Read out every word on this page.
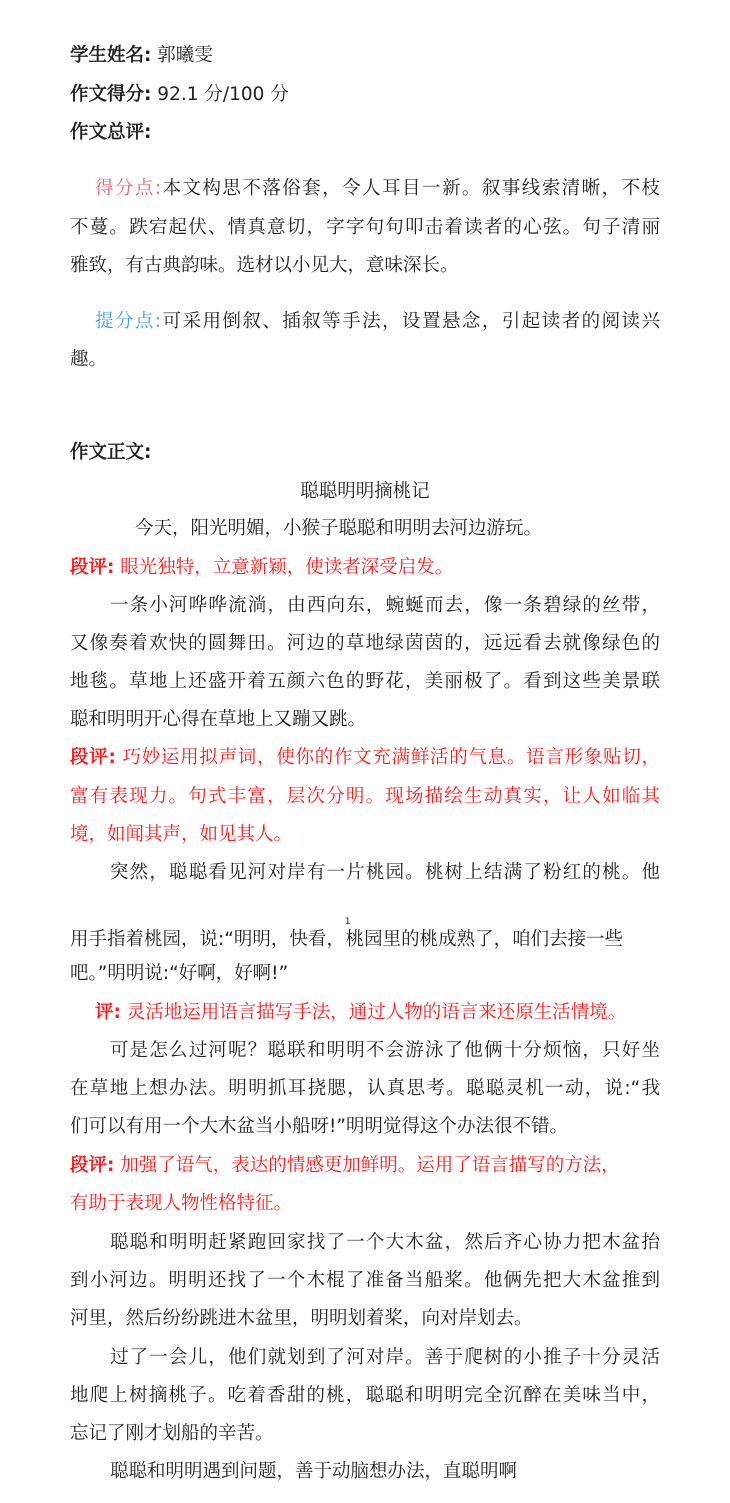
学生姓名: 郭曦雯
作文得分: 92.1 分/100 分
作文总评:
得分点:本文构思不落俗套，令人耳目一新。叙事线索清晰，不枝
不蔓。跌宕起伏、情真意切，字字句句叩击着读者的心弦。句子清丽
雅致，有古典韵味。选材以小见大，意味深长。
提分点:可采用倒叙、插叙等手法，设置悬念，引起读者的阅读兴
趣。
作文正文:
聪聪明明摘桃记
今天，阳光明媚，小猴子聪聪和明明去河边游玩。
段评: 眼光独特，立意新颖，使读者深受启发。
一条小河哗哗流淌，由西向东，蜿蜒而去，像一条碧绿的丝带，
又像奏着欢快的圆舞田。河边的草地绿茵茵的，远远看去就像绿色的
地毯。草地上还盛开着五颜六色的野花，美丽极了。看到这些美景联
聪和明明开心得在草地上又蹦又跳。
段评: 巧妙运用拟声词，使你的作文充满鲜活的气息。语言形象贴切，
富有表现力。句式丰富，层次分明。现场描绘生动真实，让人如临其
境，如闻其声，如见其人。
突然，聪聪看见河对岸有一片桃园。桃树上结满了粉红的桃。他
用手指着桃园，说:“明明，快看，$^1$桃园里的桃成熟了，咱们去接一些
吧。”明明说:“好啊，好啊!”
评: 灵活地运用语言描写手法，通过人物的语言来还原生活情境。
可是怎么过河呢？聪联和明明不会游泳了他俩十分烦恼，只好坐
在草地上想办法。明明抓耳挠腮，认真思考。聪聪灵机一动，说:“我
们可以有用一个大木盆当小船呀!”明明觉得这个办法很不错。
段评: 加强了语气，表达的情感更加鲜明。运用了语言描写的方法，
有助于表现人物性格特征。
聪聪和明明赶紧跑回家找了一个大木盆，然后齐心协力把木盆抬
到小河边。明明还找了一个木棍了准备当船桨。他俩先把大木盆推到
河里，然后纷纷跳进木盆里，明明划着桨，向对岸划去。
过了一会儿，他们就划到了河对岸。善于爬树的小推子十分灵活
地爬上树摘桃子。吃着香甜的桃，聪聪和明明完全沉醉在美味当中，
忘记了刚才划船的辛苦。
聪聪和明明遇到问题，善于动脑想办法，直聪明啊
